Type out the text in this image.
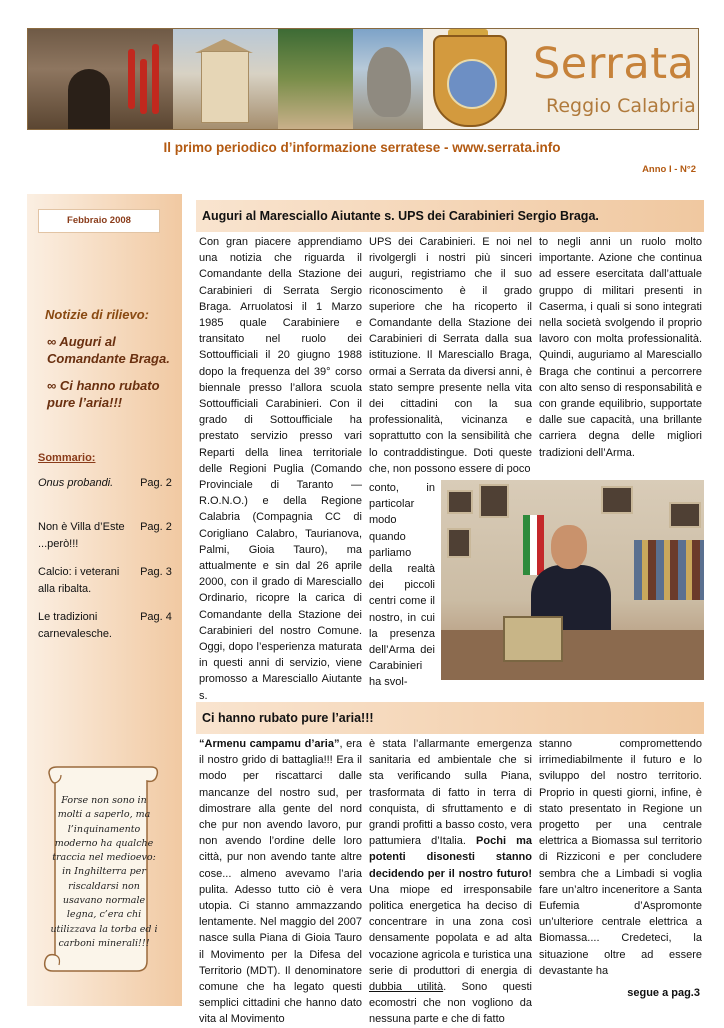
Serrata
Reggio Calabria
Il primo periodico d’informazione serratese - www.serrata.info
Anno I - N°2
Febbraio 2008
Notizie di rilievo:
∞ Auguri al Comandante Braga.
∞ Ci hanno rubato pure l’aria!!!
Sommario:
Onus probandi. Pag. 2
Non è Villa d’Este ...però!!!Pag. 2
Calcio: i veterani alla ribalta.Pag. 3
Le tradizioni carnevalesche.Pag. 4
Forse non sono in molti a saperlo, ma l’inquinamento moderno ha qualche traccia nel medioevo: in Inghilterra per riscaldarsi non usavano normale legna, c’era chi utilizzava la torba ed i carboni minerali!!!
Auguri al Maresciallo Aiutante s. UPS dei Carabinieri Sergio Braga.
Con gran piacere apprendiamo una notizia che riguarda il Comandante della Stazione dei Carabinieri di Serrata Sergio Braga. Arruolatosi il 1 Marzo 1985 quale Carabiniere e transitato nel ruolo dei Sottoufficiali il 20 giugno 1988 dopo la frequenza del 39° corso biennale presso l’allora scuola Sottoufficiali Carabinieri. Con il grado di Sottoufficiale ha prestato servizio presso vari Reparti della linea territoriale delle Regioni Puglia (Comando Provinciale di Taranto — R.O.N.O.) e della Regione Calabria (Compagnia CC di Corigliano Calabro, Taurianova, Palmi, Gioia Tauro), ma attualmente e sin dal 26 aprile 2000, con il grado di Maresciallo Ordinario, ricopre la carica di Comandante della Stazione dei Carabinieri del nostro Comune. Oggi, dopo l’esperienza maturata in questi anni di servizio, viene promosso a Maresciallo Aiutante s.
UPS dei Carabinieri. E noi nel rivolgergli i nostri più sinceri auguri, registriamo che il suo riconoscimento è il grado superiore che ha ricoperto il Comandante della Stazione dei Carabinieri di Serrata dalla sua istituzione. Il Maresciallo Braga, ormai a Serrata da diversi anni, è stato sempre presente nella vita dei cittadini con la sua professionalità, vicinanza e soprattutto con la sensibilità che lo contraddistingue. Doti queste che, non possono essere di poco
conto, in particolar modo quando parliamo della realtà dei piccoli centri come il nostro, in cui la presenza dell’Arma dei Carabinieri ha svol-
to negli anni un ruolo molto importante. Azione che continua ad essere esercitata dall’attuale gruppo di militari presenti in Caserma, i quali si sono integrati nella società svolgendo il proprio lavoro con molta professionalità. Quindi, auguriamo al Maresciallo Braga che continui a percorrere con alto senso di responsabilità e con grande equilibrio, supportate dalle sue capacità, una brillante carriera degna delle migliori tradizioni dell’Arma.
Ci hanno rubato pure l’aria!!!
“Armenu campamu d’aria”, era il nostro grido di battaglia!!! Era il modo per riscattarci dalle mancanze del nostro sud, per dimostrare alla gente del nord che pur non avendo lavoro, pur non avendo l’ordine delle loro città, pur non avendo tante altre cose... almeno avevamo l’aria pulita. Adesso tutto ciò è vera utopia. Ci stanno ammazzando lentamente. Nel maggio del 2007 nasce sulla Piana di Gioia Tauro il Movimento per la Difesa del Territorio (MDT). Il denominatore comune che ha legato questi semplici cittadini che hanno dato vita al Movimento
è stata l’allarmante emergenza sanitaria ed ambientale che si sta verificando sulla Piana, trasformata di fatto in terra di conquista, di sfruttamento e di grandi profitti a basso costo, vera pattumiera d’Italia. Pochi ma potenti disonesti stanno decidendo per il nostro futuro! Una miope ed irresponsabile politica energetica ha deciso di concentrare in una zona così densamente popolata e ad alta vocazione agricola e turistica una serie di produttori di energia di dubbia utilità. Sono questi ecomostri che non vogliono da nessuna parte e che di fatto
stanno compromettendo irrimediabilmente il futuro e lo sviluppo del nostro territorio. Proprio in questi giorni, infine, è stato presentato in Regione un progetto per una centrale elettrica a Biomassa sul territorio di Rizziconi e per concludere sembra che a Limbadi si voglia fare un’altro inceneritore a Santa Eufemia d’Aspromonte un’ulteriore centrale elettrica a Biomassa.... Credeteci, la situazione oltre ad essere devastante ha
segue a pag.3
